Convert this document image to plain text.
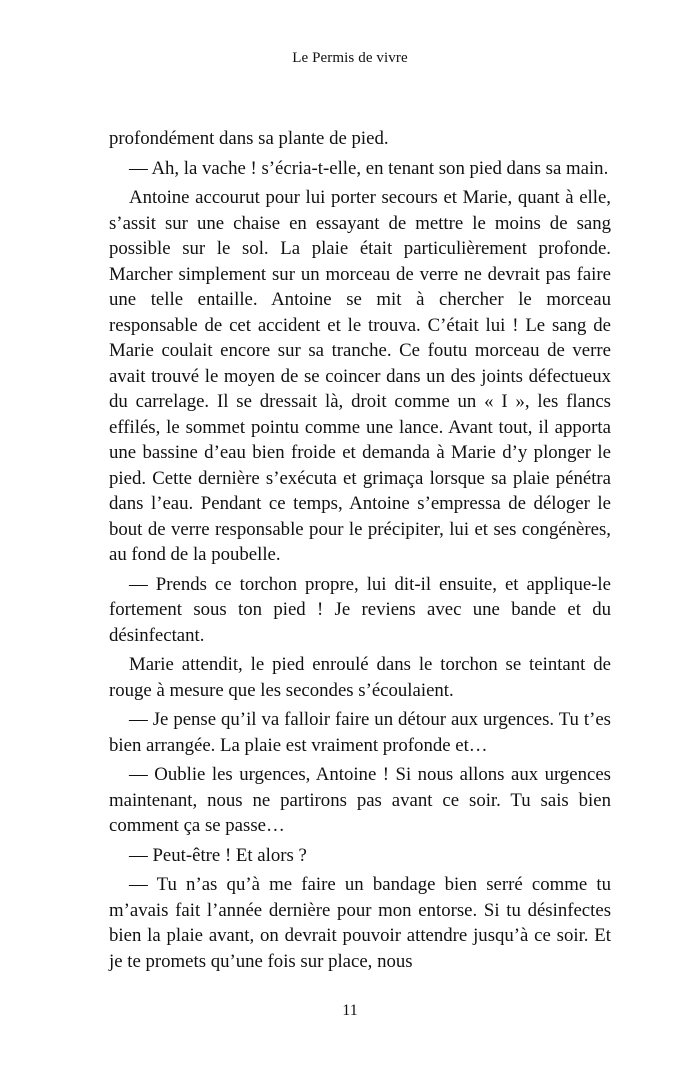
Le Permis de vivre

profondément dans sa plante de pied.

— Ah, la vache ! s’écria-t-elle, en tenant son pied dans sa main.

Antoine accourut pour lui porter secours et Marie, quant à elle, s’assit sur une chaise en essayant de mettre le moins de sang possible sur le sol. La plaie était particulièrement profonde. Marcher simplement sur un morceau de verre ne devrait pas faire une telle entaille. Antoine se mit à chercher le morceau responsable de cet accident et le trouva. C’était lui ! Le sang de Marie coulait encore sur sa tranche. Ce foutu morceau de verre avait trouvé le moyen de se coincer dans un des joints défectueux du carrelage. Il se dressait là, droit comme un « I », les flancs effilés, le sommet pointu comme une lance. Avant tout, il apporta une bassine d’eau bien froide et demanda à Marie d’y plonger le pied. Cette dernière s’exécuta et grimaça lorsque sa plaie pénétra dans l’eau. Pendant ce temps, Antoine s’empressa de déloger le bout de verre responsable pour le précipiter, lui et ses congénères, au fond de la poubelle.

— Prends ce torchon propre, lui dit-il ensuite, et applique-le fortement sous ton pied ! Je reviens avec une bande et du désinfectant.

Marie attendit, le pied enroulé dans le torchon se teintant de rouge à mesure que les secondes s’écoulaient.

— Je pense qu’il va falloir faire un détour aux urgences. Tu t’es bien arrangée. La plaie est vraiment profonde et…

— Oublie les urgences, Antoine ! Si nous allons aux urgences maintenant, nous ne partirons pas avant ce soir. Tu sais bien comment ça se passe…

— Peut-être ! Et alors ?

— Tu n’as qu’à me faire un bandage bien serré comme tu m’avais fait l’année dernière pour mon entorse. Si tu désinfectes bien la plaie avant, on devrait pouvoir attendre jusqu’à ce soir. Et je te promets qu’une fois sur place, nous

11
